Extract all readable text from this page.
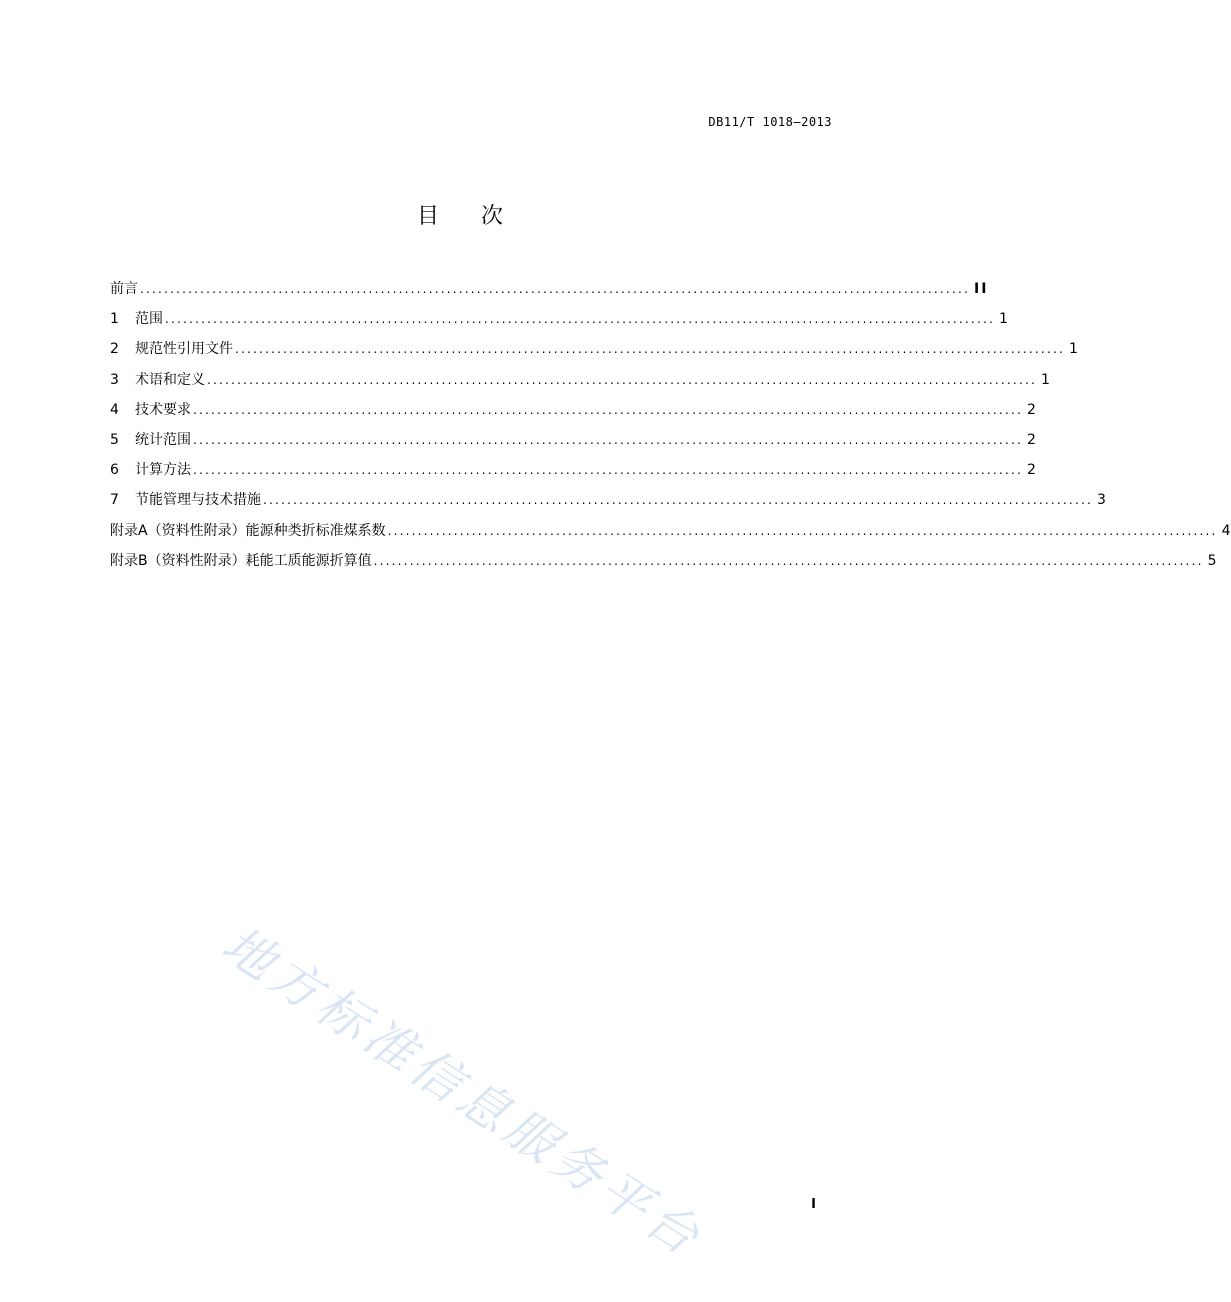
DB11/T 1018—2013
目 次
前言 .......................................................................................................................................... II
1	范围 .......................................................................................................................................... 1
2	规范性引用文件 .......................................................................................................................................... 1
3	术语和定义 .......................................................................................................................................... 1
4	技术要求 .......................................................................................................................................... 2
5	统计范围 .......................................................................................................................................... 2
6	计算方法 .......................................................................................................................................... 2
7	节能管理与技术措施 .......................................................................................................................................... 3
附录A（资料性附录） 能源种类折标准煤系数 .......................................................................................................................................... 4
附录B（资料性附录） 耗能工质能源折算值 .......................................................................................................................................... 5
地方标准信息服务平台	I
